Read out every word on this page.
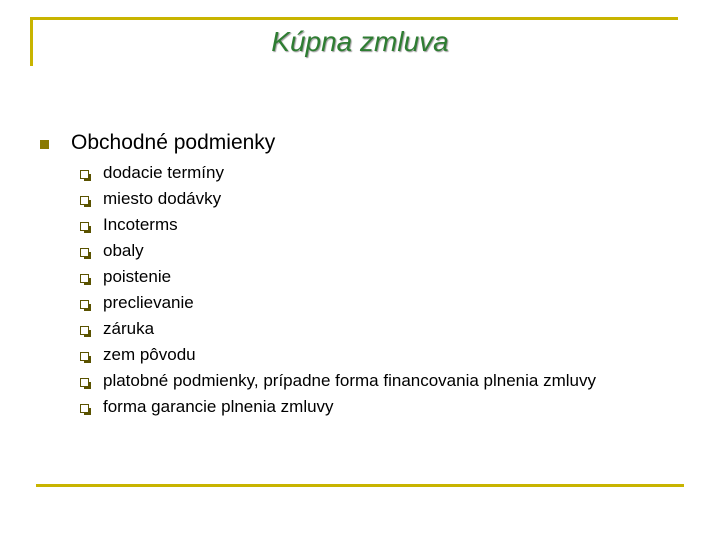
Kúpna zmluva
Obchodné podmienky
dodacie termíny
miesto dodávky
Incoterms
obaly
poistenie
preclievanie
záruka
zem pôvodu
platobné podmienky, prípadne forma financovania plnenia zmluvy
forma garancie plnenia zmluvy
